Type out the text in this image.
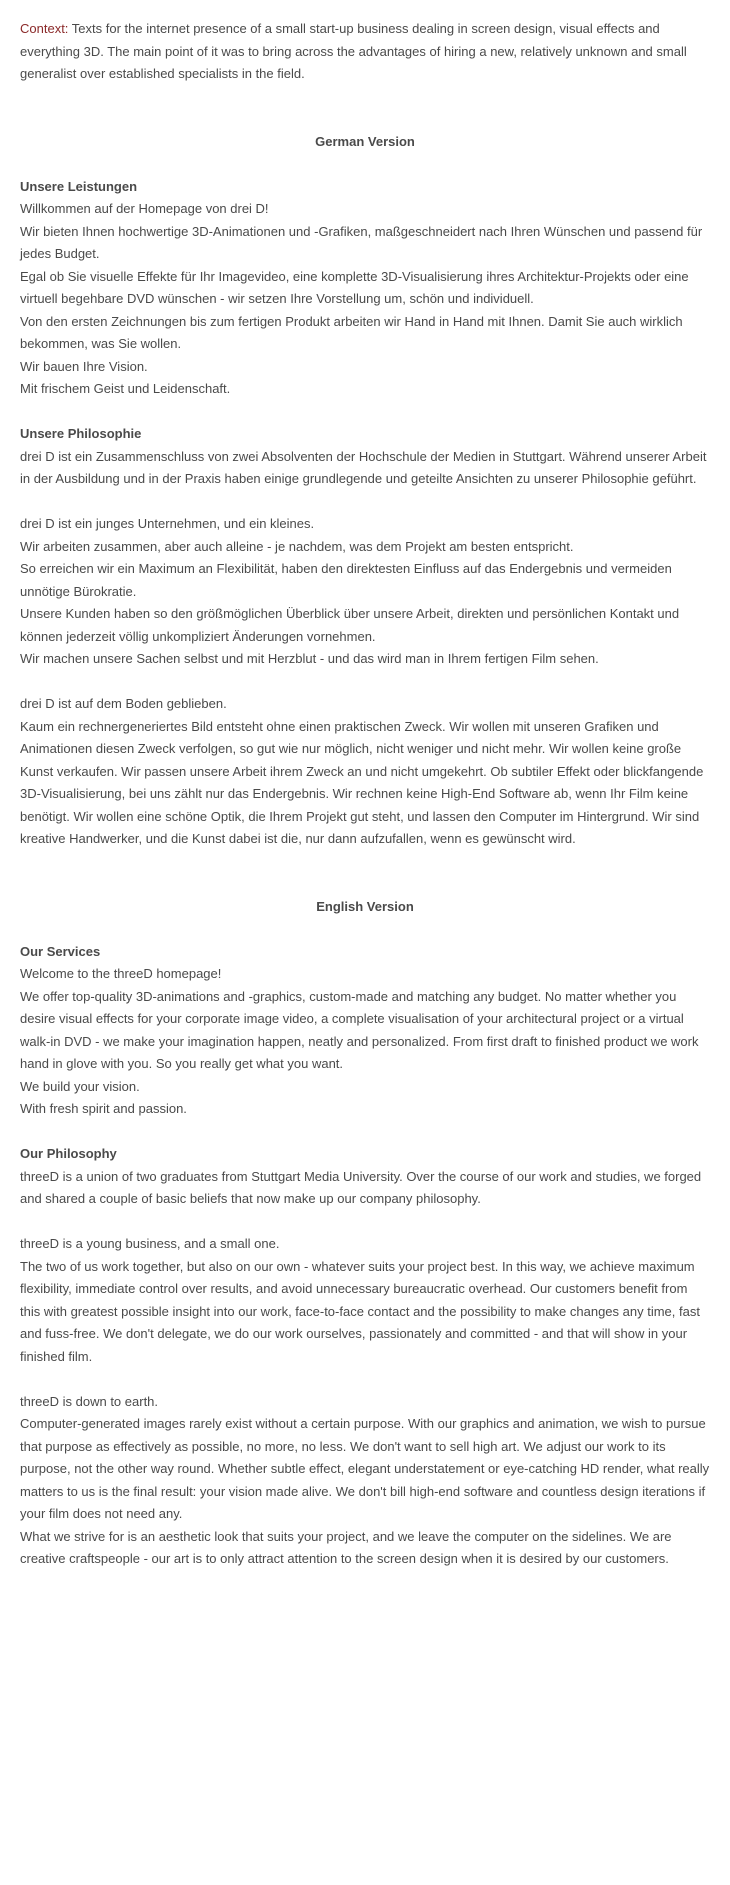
Context: Texts for the internet presence of a small start-up business dealing in screen design, visual effects and everything 3D. The main point of it was to bring across the advantages of hiring a new, relatively unknown and small generalist over established specialists in the field.

German Version

Unsere Leistungen

Willkommen auf der Homepage von drei D!

Wir bieten Ihnen hochwertige 3D-Animationen und -Grafiken, maßgeschneidert nach Ihren Wünschen und passend für jedes Budget.

Egal ob Sie visuelle Effekte für Ihr Imagevideo, eine komplette 3D-Visualisierung ihres Architektur-Projekts oder eine virtuell begehbare DVD wünschen - wir setzen Ihre Vorstellung um, schön und individuell.

Von den ersten Zeichnungen bis zum fertigen Produkt arbeiten wir Hand in Hand mit Ihnen. Damit Sie auch wirklich bekommen, was Sie wollen.

Wir bauen Ihre Vision.

Mit frischem Geist und Leidenschaft.

Unsere Philosophie

drei D ist ein Zusammenschluss von zwei Absolventen der Hochschule der Medien in Stuttgart. Während unserer Arbeit in der Ausbildung und in der Praxis haben einige grundlegende und geteilte Ansichten zu unserer Philosophie geführt.

drei D ist ein junges Unternehmen, und ein kleines.

Wir arbeiten zusammen, aber auch alleine - je nachdem, was dem Projekt am besten entspricht.

So erreichen wir ein Maximum an Flexibilität, haben den direktesten Einfluss auf das Endergebnis und vermeiden unnötige Bürokratie.

Unsere Kunden haben so den größmöglichen Überblick über unsere Arbeit, direkten und persönlichen Kontakt und können jederzeit völlig unkompliziert Änderungen vornehmen.

Wir machen unsere Sachen selbst und mit Herzblut - und das wird man in Ihrem fertigen Film sehen.

drei D ist auf dem Boden geblieben.

Kaum ein rechnergeneriertes Bild entsteht ohne einen praktischen Zweck. Wir wollen mit unseren Grafiken und Animationen diesen Zweck verfolgen, so gut wie nur möglich, nicht weniger und nicht mehr. Wir wollen keine große Kunst verkaufen. Wir passen unsere Arbeit ihrem Zweck an und nicht umgekehrt. Ob subtiler Effekt oder blickfangende 3D-Visualisierung, bei uns zählt nur das Endergebnis. Wir rechnen keine High-End Software ab, wenn Ihr Film keine benötigt. Wir wollen eine schöne Optik, die Ihrem Projekt gut steht, und lassen den Computer im Hintergrund. Wir sind kreative Handwerker, und die Kunst dabei ist die, nur dann aufzufallen, wenn es gewünscht wird.

English Version

Our Services

Welcome to the threeD homepage!

We offer top-quality 3D-animations and -graphics, custom-made and matching any budget. No matter whether you desire visual effects for your corporate image video, a complete visualisation of your architectural project or a virtual walk-in DVD - we make your imagination happen, neatly and personalized. From first draft to finished product we work hand in glove with you. So you really get what you want.

We build your vision.

With fresh spirit and passion.

Our Philosophy

threeD is a union of two graduates from Stuttgart Media University. Over the course of our work and studies, we forged and shared a couple of basic beliefs that now make up our company philosophy.

threeD is a young business, and a small one.

The two of us work together, but also on our own - whatever suits your project best. In this way, we achieve maximum flexibility, immediate control over results, and avoid unnecessary bureaucratic overhead. Our customers benefit from this with greatest possible insight into our work, face-to-face contact and the possibility to make changes any time, fast and fuss-free. We don't delegate, we do our work ourselves, passionately and committed - and that will show in your finished film.

threeD is down to earth.

Computer-generated images rarely exist without a certain purpose. With our graphics and animation, we wish to pursue that purpose as effectively as possible, no more, no less. We don't want to sell high art. We adjust our work to its purpose, not the other way round. Whether subtle effect, elegant understatement or eye-catching HD render, what really matters to us is the final result: your vision made alive. We don't bill high-end software and countless design iterations if your film does not need any.

What we strive for is an aesthetic look that suits your project, and we leave the computer on the sidelines. We are creative craftspeople - our art is to only attract attention to the screen design when it is desired by our customers.
